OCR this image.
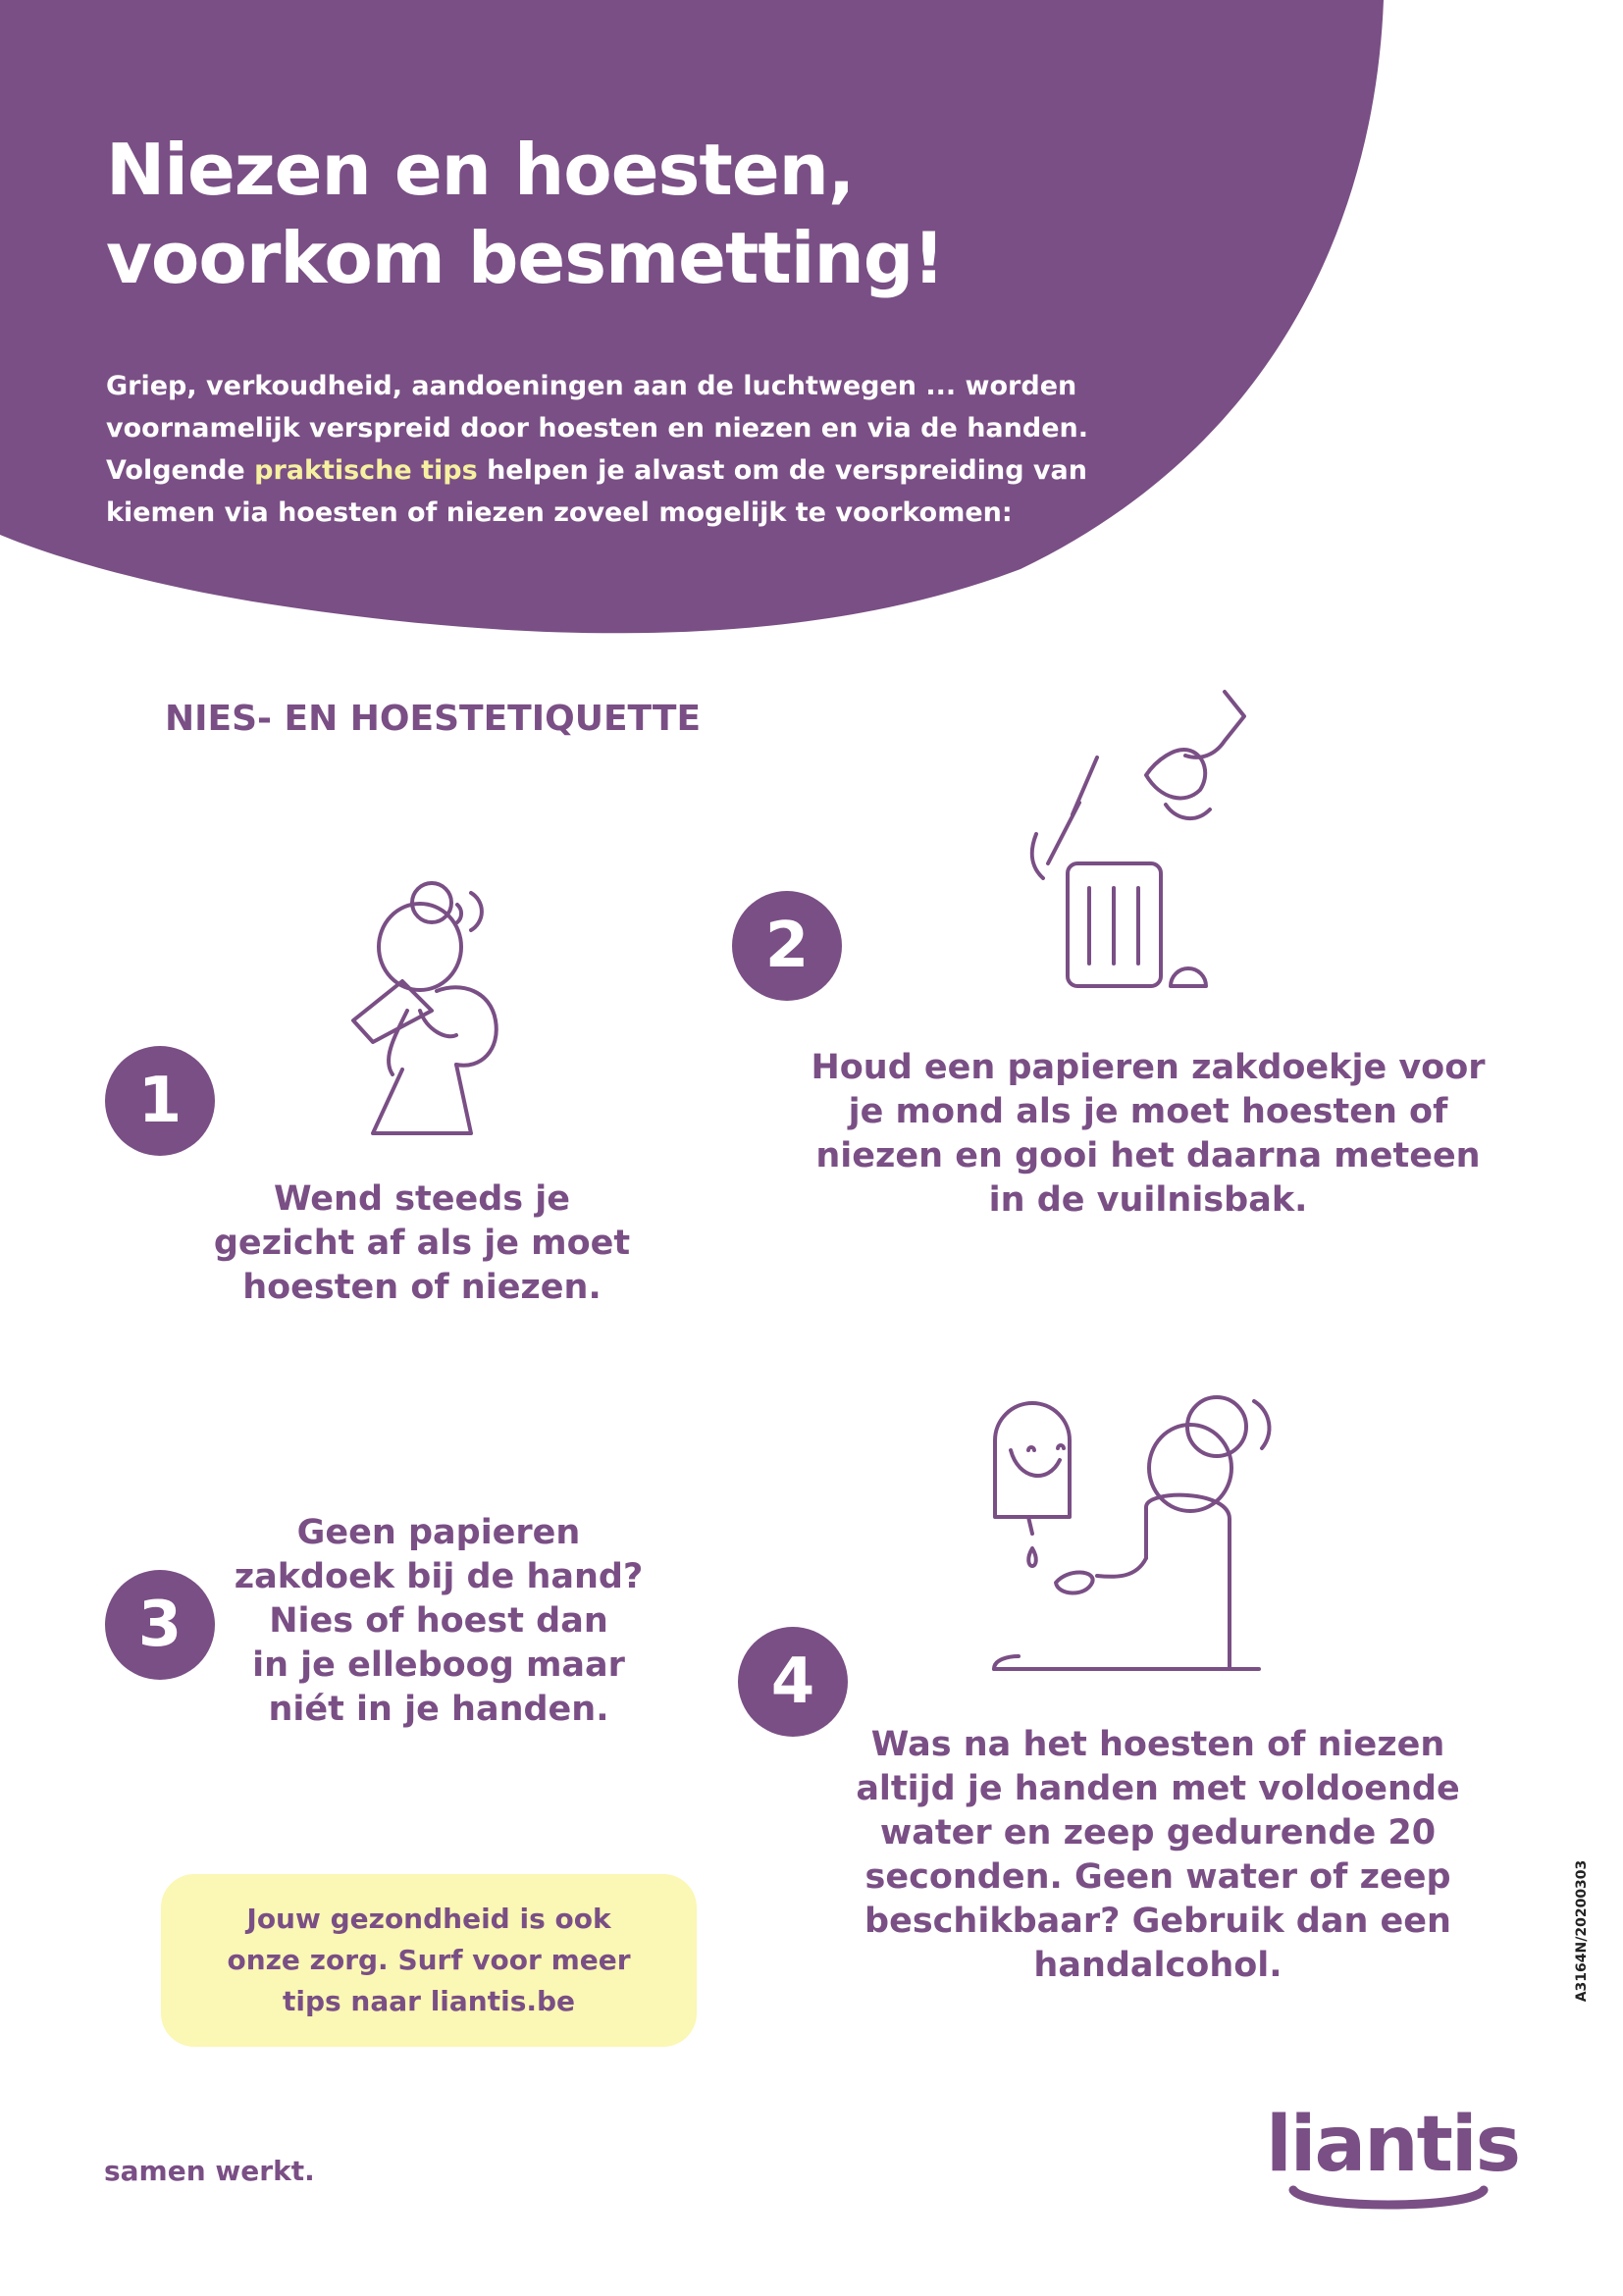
Niezen en hoesten,
voorkom besmetting!
Griep, verkoudheid, aandoeningen aan de luchtwegen ... worden
voornamelijk verspreid door hoesten en niezen en via de handen.
Volgende praktische tips helpen je alvast om de verspreiding van
kiemen via hoesten of niezen zoveel mogelijk te voorkomen:
NIES- EN HOESTETIQUETTE
1
Wend steeds je
gezicht af als je moet
hoesten of niezen.
2
Houd een papieren zakdoekje voor
je mond als je moet hoesten of
niezen en gooi het daarna meteen
in de vuilnisbak.
3
Geen papieren
zakdoek bij de hand?
Nies of hoest dan
in je elleboog maar
niét in je handen.	4
Was na het hoesten of niezen
altijd je handen met voldoende
water en zeep gedurende 20
seconden. Geen water of zeep
beschikbaar? Gebruik dan een
handalcohol.
Jouw gezondheid is ook
onze zorg. Surf voor meer
tips naar liantis.be
samen werkt.	liantis
A3164N/20200303
